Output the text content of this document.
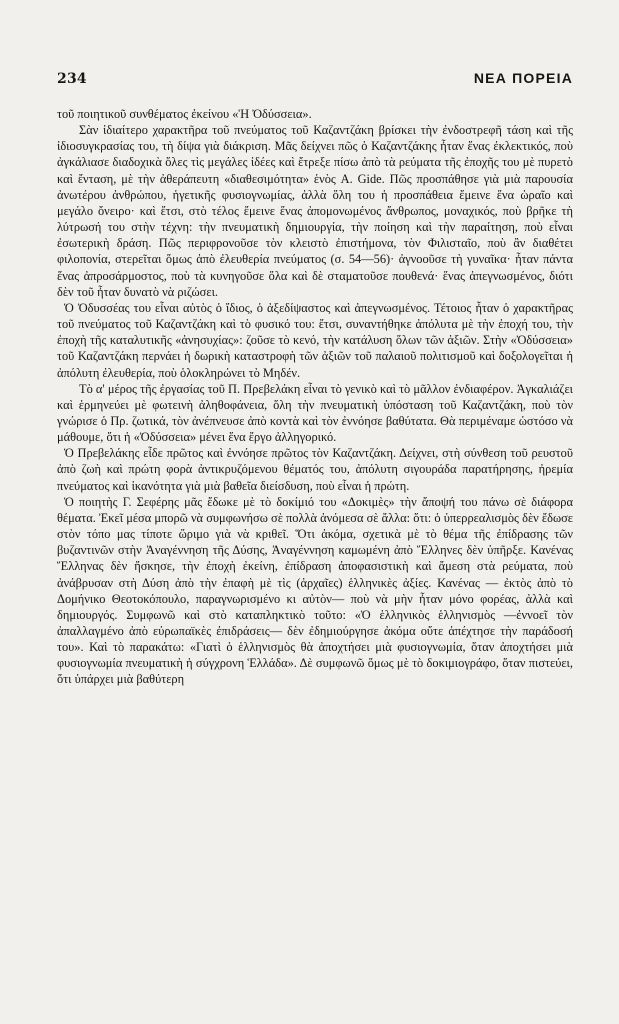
234	ΝΕΑ ΠΟΡΕΙΑ

τοῦ ποιητικοῦ συνθέματος ἐκείνου «Ἡ Ὀδύσσεια».

Σὰν ἰδιαίτερο χαρακτῆρα τοῦ πνεύματος τοῦ Καζαντζάκη βρίσκει τὴν ἐνδοστρεφῆ τάση καὶ τῆς ἰδιοσυγκρασίας του, τὴ δίψα γιὰ διάκριση. Μᾶς δείχνει πῶς ὁ Καζαντζάκης ἦταν ἕνας ἐκλεκτικός, ποὺ ἀγκάλιασε διαδοχικὰ ὅλες τὶς μεγάλες ἰδέες καὶ ἔτρεξε πίσω ἀπὸ τὰ ρεύματα τῆς ἐποχῆς του μὲ πυρετὸ καὶ ἔνταση, μὲ τὴν ἀθεράπευτη «διαθεσιμότητα» ἑνὸς A. Gide. Πῶς προσπάθησε γιὰ μιὰ παρουσία ἀνωτέρου ἀνθρώπου, ἡγετικῆς φυσιογνωμίας, ἀλλὰ ὅλη του ἡ προσπάθεια ἔμεινε ἕνα ὡραῖο καὶ μεγάλο ὄνειρο· καὶ ἔτσι, στὸ τέλος ἔμεινε ἕνας ἀπομονωμένος ἄνθρωπος, μοναχικός, ποὺ βρῆκε τὴ λύτρωσή του στὴν τέχνη: τὴν πνευματικὴ δημιουργία, τὴν ποίηση καὶ τὴν παραίτηση, ποὺ εἶναι ἐσωτερικὴ δράση. Πῶς περιφρονοῦσε τὸν κλειστὸ ἐπιστήμονα, τὸν Φιλισταῖο, ποὺ ἂν διαθέτει φιλοπονία, στερεῖται ὅμως ἀπὸ ἐλευθερία πνεύματος (σ. 54—56)· ἀγνοοῦσε τὴ γυναῖκα· ἦταν πάντα ἕνας ἀπροσάρμοστος, ποὺ τὰ κυνηγοῦσε ὅλα καὶ δὲ σταματοῦσε πουθενά· ἕνας ἀπεγνωσμένος, διότι δὲν τοῦ ἦταν δυνατὸ νὰ ριζώσει.

Ὁ Ὀδυσσέας του εἶναι αὐτὸς ὁ ἴδιος, ὁ ἀξεδίψαστος καὶ ἀπεγνωσμένος. Τέτοιος ἦταν ὁ χαρακτῆρας τοῦ πνεύματος τοῦ Καζαντζάκη καὶ τὸ φυσικό του: ἔτσι, συναντήθηκε ἀπόλυτα μὲ τὴν ἐποχή του, τὴν ἐποχὴ τῆς καταλυτικῆς «ἀνησυχίας»: ζοῦσε τὸ κενό, τὴν κατάλυση ὅλων τῶν ἀξιῶν. Στὴν «Ὀδύσσεια» τοῦ Καζαντζάκη περνάει ἡ δωρικὴ καταστροφὴ τῶν ἀξιῶν τοῦ παλαιοῦ πολιτισμοῦ καὶ δοξολογεῖται ἡ ἀπόλυτη ἐλευθερία, ποὺ ὁλοκληρώνει τὸ Μηδέν.

Τὸ α' μέρος τῆς ἐργασίας τοῦ Π. Πρεβελάκη εἶναι τὸ γενικὸ καὶ τὸ μᾶλλον ἐνδιαφέρον. Ἀγκαλιάζει καὶ ἑρμηνεύει μὲ φωτεινὴ ἀληθοφάνεια, ὅλη τὴν πνευματικὴ ὑπόσταση τοῦ Καζαντζάκη, ποὺ τὸν γνώρισε ὁ Πρ. ζωτικά, τὸν ἀνέπνευσε ἀπὸ κοντὰ καὶ τὸν ἐννόησε βαθύτατα. Θὰ περιμέναμε ὡστόσο νὰ μάθουμε, ὅτι ἡ «Ὀδύσσεια» μένει ἕνα ἔργο ἀλληγορικό.

Ὁ Πρεβελάκης εἶδε πρῶτος καὶ ἐννόησε πρῶτος τὸν Καζαντζάκη. Δείχνει, στὴ σύνθεση τοῦ ρευστοῦ ἀπὸ ζωὴ καὶ πρώτη φορὰ ἀντικρυζόμενου θέματός του, ἀπόλυτη σιγουράδα παρατήρησης, ἠρεμία πνεύματος καὶ ἱκανότητα γιὰ μιὰ βαθεῖα διείσδυση, ποὺ εἶναι ἡ πρώτη.

Ὁ ποιητὴς Γ. Σεφέρης μᾶς ἔδωκε μὲ τὸ δοκίμιό του «Δοκιμὲς» τὴν ἄποψή του πάνω σὲ διάφορα θέματα. Ἐκεῖ μέσα μπορῶ νὰ συμφωνήσω σὲ πολλὰ ἀνόμεσα σὲ ἄλλα: ὅτι: ὁ ὑπερρεαλισμὸς δὲν ἔδωσε στὸν τόπο μας τίποτε ὥριμο γιὰ νὰ κριθεῖ. Ὅτι ἀκόμα, σχετικὰ μὲ τὸ θέμα τῆς ἐπίδρασης τῶν βυζαντινῶν στὴν Ἀναγέννηση τῆς Δύσης, Ἀναγέννηση καμωμένη ἀπὸ Ἕλληνες δὲν ὑπῆρξε. Κανένας Ἕλληνας δὲν ἤσκησε, τὴν ἐποχὴ ἐκείνη, ἐπίδραση ἀποφασιστικὴ καὶ ἄμεση στὰ ρεύματα, ποὺ ἀνάβρυσαν στὴ Δύση ἀπὸ τὴν ἐπαφὴ μὲ τὶς (ἀρχαῖες) ἑλληνικὲς ἀξίες. Κανένας — ἐκτὸς ἀπὸ τὸ Δομήνικο Θεοτοκόπουλο, παραγνωρισμένο κι αὐτὸν— ποὺ νὰ μὴν ἦταν μόνο φορέας, ἀλλὰ καὶ δημιουργός. Συμφωνῶ καὶ στὸ καταπληκτικὸ τοῦτο: «Ὁ ἑλληνικὸς ἑλληνισμὸς —ἐννοεῖ τὸν ἀπαλλαγμένο ἀπὸ εὐρωπαϊκὲς ἐπιδράσεις— δὲν ἐδημιούργησε ἀκόμα οὔτε ἀπέχτησε τὴν παράδοσή του». Καὶ τὸ παρακάτω: «Γιατὶ ὁ ἑλληνισμὸς θὰ ἀποχτήσει μιὰ φυσιογνωμία, ὅταν ἀποχτήσει μιὰ φυσιογνωμία πνευματικὴ ἡ σύγχρονη Ἑλλάδα». Δὲ συμφωνῶ ὅμως μὲ τὸ δοκιμιογράφο, ὅταν πιστεύει, ὅτι ὑπάρχει μιὰ βαθύτερη
